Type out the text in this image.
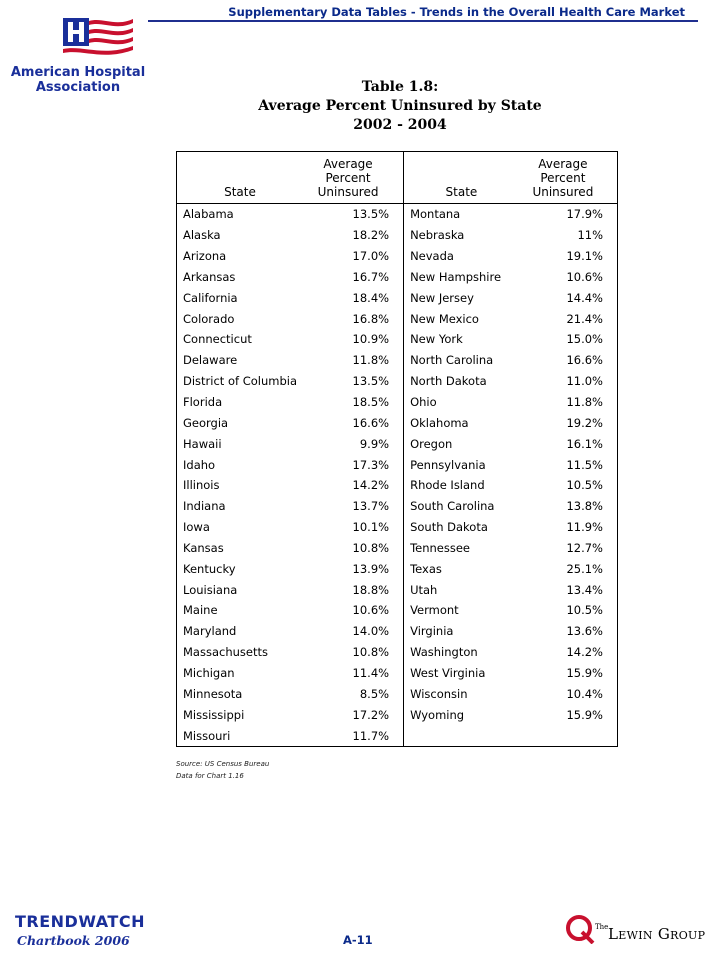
Supplementary Data Tables - Trends in the Overall Health Care Market
American Hospital
Association	Table 1.8:
Average Percent Uninsured by State
2002 - 2004
State	Average
Percent
Uninsured	State	Average
Percent
Uninsured
Alabama	13.5%	Montana	17.9%
Alaska	18.2%	Nebraska	11%
Arizona	17.0%	Nevada	19.1%
Arkansas	16.7%	New Hampshire	10.6%
California	18.4%	New Jersey	14.4%
Colorado	16.8%	New Mexico	21.4%
Connecticut	10.9%	New York	15.0%
Delaware	11.8%	North Carolina	16.6%
District of Columbia	13.5%	North Dakota	11.0%
Florida	18.5%	Ohio	11.8%
Georgia	16.6%	Oklahoma	19.2%
Hawaii	9.9%	Oregon	16.1%
Idaho	17.3%	Pennsylvania	11.5%
Illinois	14.2%	Rhode Island	10.5%
Indiana	13.7%	South Carolina	13.8%
Iowa	10.1%	South Dakota	11.9%
Kansas	10.8%	Tennessee	12.7%
Kentucky	13.9%	Texas	25.1%
Louisiana	18.8%	Utah	13.4%
Maine	10.6%	Vermont	10.5%
Maryland	14.0%	Virginia	13.6%
Massachusetts	10.8%	Washington	14.2%
Michigan	11.4%	West Virginia	15.9%
Minnesota	8.5%	Wisconsin	10.4%
Mississippi	17.2%	Wyoming	15.9%
Missouri	11.7%		
Source: US Census Bureau
Data for Chart 1.16
TRENDWATCH
Chartbook 2006	A-11
The Lewin Group
